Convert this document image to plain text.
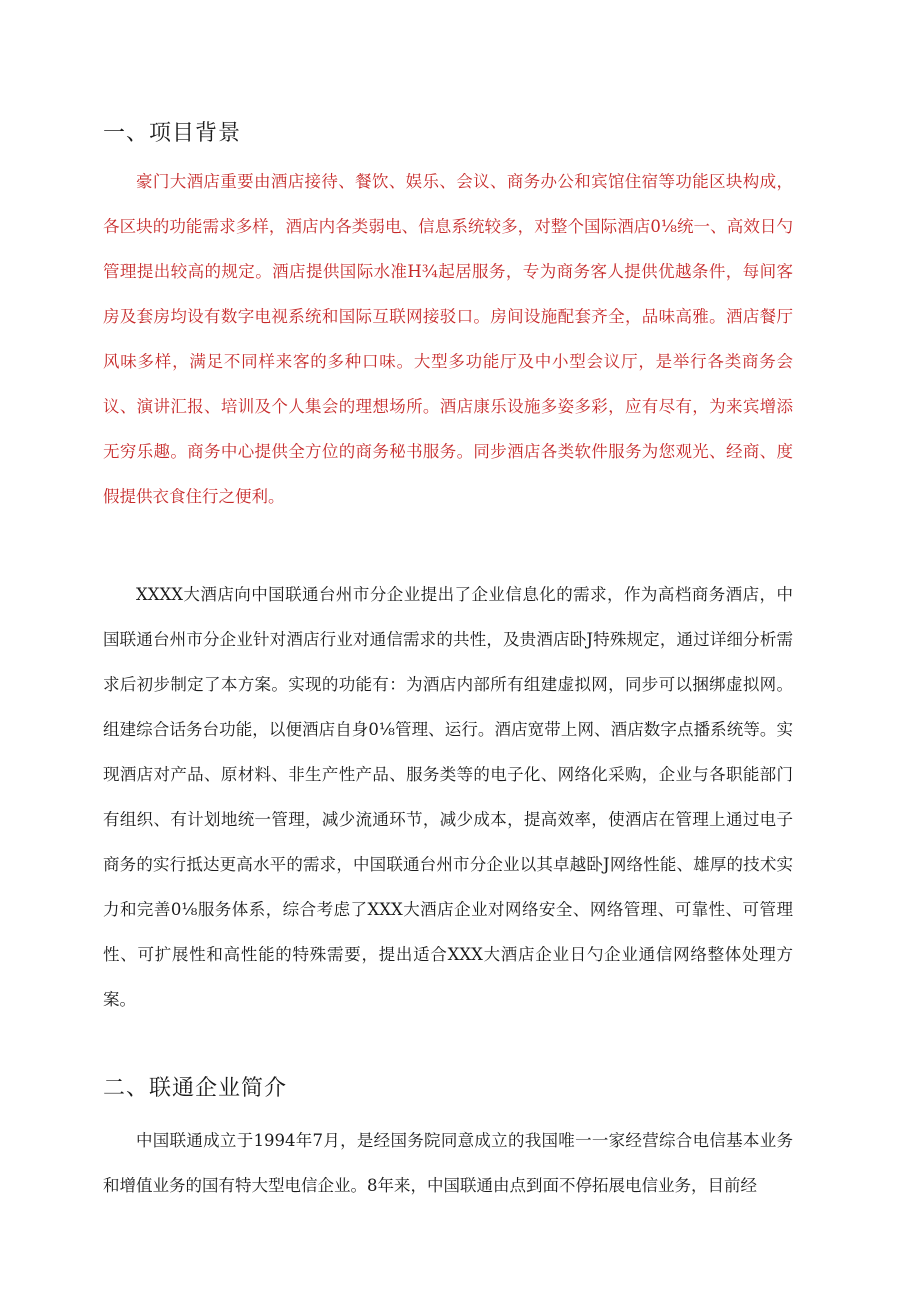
一、项目背景

豪门大酒店重要由酒店接待、餐饮、娱乐、会议、商务办公和宾馆住宿等功能区块构成，各区块的功能需求多样，酒店内各类弱电、信息系统较多，对整个国际酒店0⅛统一、高效日勺管理提出较高的规定。酒店提供国际水准H¾起居服务，专为商务客人提供优越条件，每间客房及套房均设有数字电视系统和国际互联网接驳口。房间设施配套齐全，品味高雅。酒店餐厅风味多样，满足不同样来客的多种口味。大型多功能厅及中小型会议厅，是举行各类商务会议、演讲汇报、培训及个人集会的理想场所。酒店康乐设施多姿多彩，应有尽有，为来宾增添无穷乐趣。商务中心提供全方位的商务秘书服务。同步酒店各类软件服务为您观光、经商、度假提供衣食住行之便利。

XXXX大酒店向中国联通台州市分企业提出了企业信息化的需求，作为高档商务酒店，中国联通台州市分企业针对酒店行业对通信需求的共性，及贵酒店卧J特殊规定，通过详细分析需求后初步制定了本方案。实现的功能有：为酒店内部所有组建虚拟网，同步可以捆绑虚拟网。组建综合话务台功能，以便酒店自身0⅛管理、运行。酒店宽带上网、酒店数字点播系统等。实现酒店对产品、原材料、非生产性产品、服务类等的电子化、网络化采购，企业与各职能部门有组织、有计划地统一管理，减少流通环节，减少成本，提高效率，使酒店在管理上通过电子商务的实行抵达更高水平的需求，中国联通台州市分企业以其卓越卧J网络性能、雄厚的技术实力和完善0⅛服务体系，综合考虑了XXX大酒店企业对网络安全、网络管理、可靠性、可管理性、可扩展性和高性能的特殊需要，提出适合XXX大酒店企业日勺企业通信网络整体处理方案。

二、联通企业简介

中国联通成立于1994年7月，是经国务院同意成立的我国唯一一家经营综合电信基本业务和增值业务的国有特大型电信企业。8年来，中国联通由点到面不停拓展电信业务，目前经
